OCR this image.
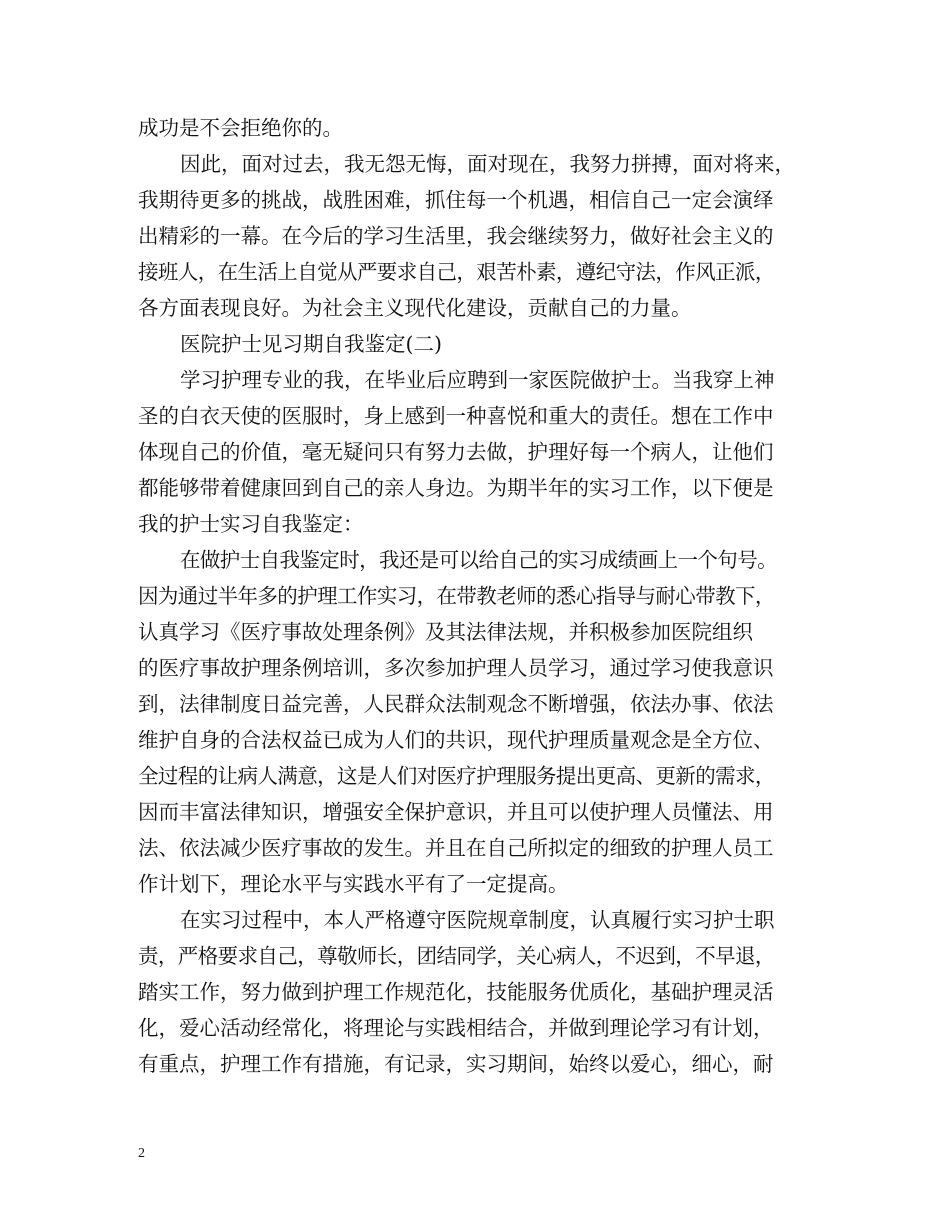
成功是不会拒绝你的。
因此，面对过去，我无怨无悔，面对现在，我努力拼搏，面对将来，
我期待更多的挑战，战胜困难，抓住每一个机遇，相信自己一定会演绎
出精彩的一幕。在今后的学习生活里，我会继续努力，做好社会主义的
接班人，在生活上自觉从严要求自己，艰苦朴素，遵纪守法，作风正派，
各方面表现良好。为社会主义现代化建设，贡献自己的力量。
医院护士见习期自我鉴定(二)
学习护理专业的我，在毕业后应聘到一家医院做护士。当我穿上神
圣的白衣天使的医服时，身上感到一种喜悦和重大的责任。想在工作中
体现自己的价值，毫无疑问只有努力去做，护理好每一个病人，让他们
都能够带着健康回到自己的亲人身边。为期半年的实习工作，以下便是
我的护士实习自我鉴定：
在做护士自我鉴定时，我还是可以给自己的实习成绩画上一个句号。
因为通过半年多的护理工作实习，在带教老师的悉心指导与耐心带教下，
认真学习《医疗事故处理条例》及其法律法规，并积极参加医院组织
的医疗事故护理条例培训，多次参加护理人员学习，通过学习使我意识
到，法律制度日益完善，人民群众法制观念不断增强，依法办事、依法
维护自身的合法权益已成为人们的共识，现代护理质量观念是全方位、
全过程的让病人满意，这是人们对医疗护理服务提出更高、更新的需求，
因而丰富法律知识，增强安全保护意识，并且可以使护理人员懂法、用
法、依法减少医疗事故的发生。并且在自己所拟定的细致的护理人员工
作计划下，理论水平与实践水平有了一定提高。
在实习过程中，本人严格遵守医院规章制度，认真履行实习护士职
责，严格要求自己，尊敬师长，团结同学，关心病人，不迟到，不早退，
踏实工作，努力做到护理工作规范化，技能服务优质化，基础护理灵活
化，爱心活动经常化，将理论与实践相结合，并做到理论学习有计划，
有重点，护理工作有措施，有记录，实习期间，始终以爱心，细心，耐
2
